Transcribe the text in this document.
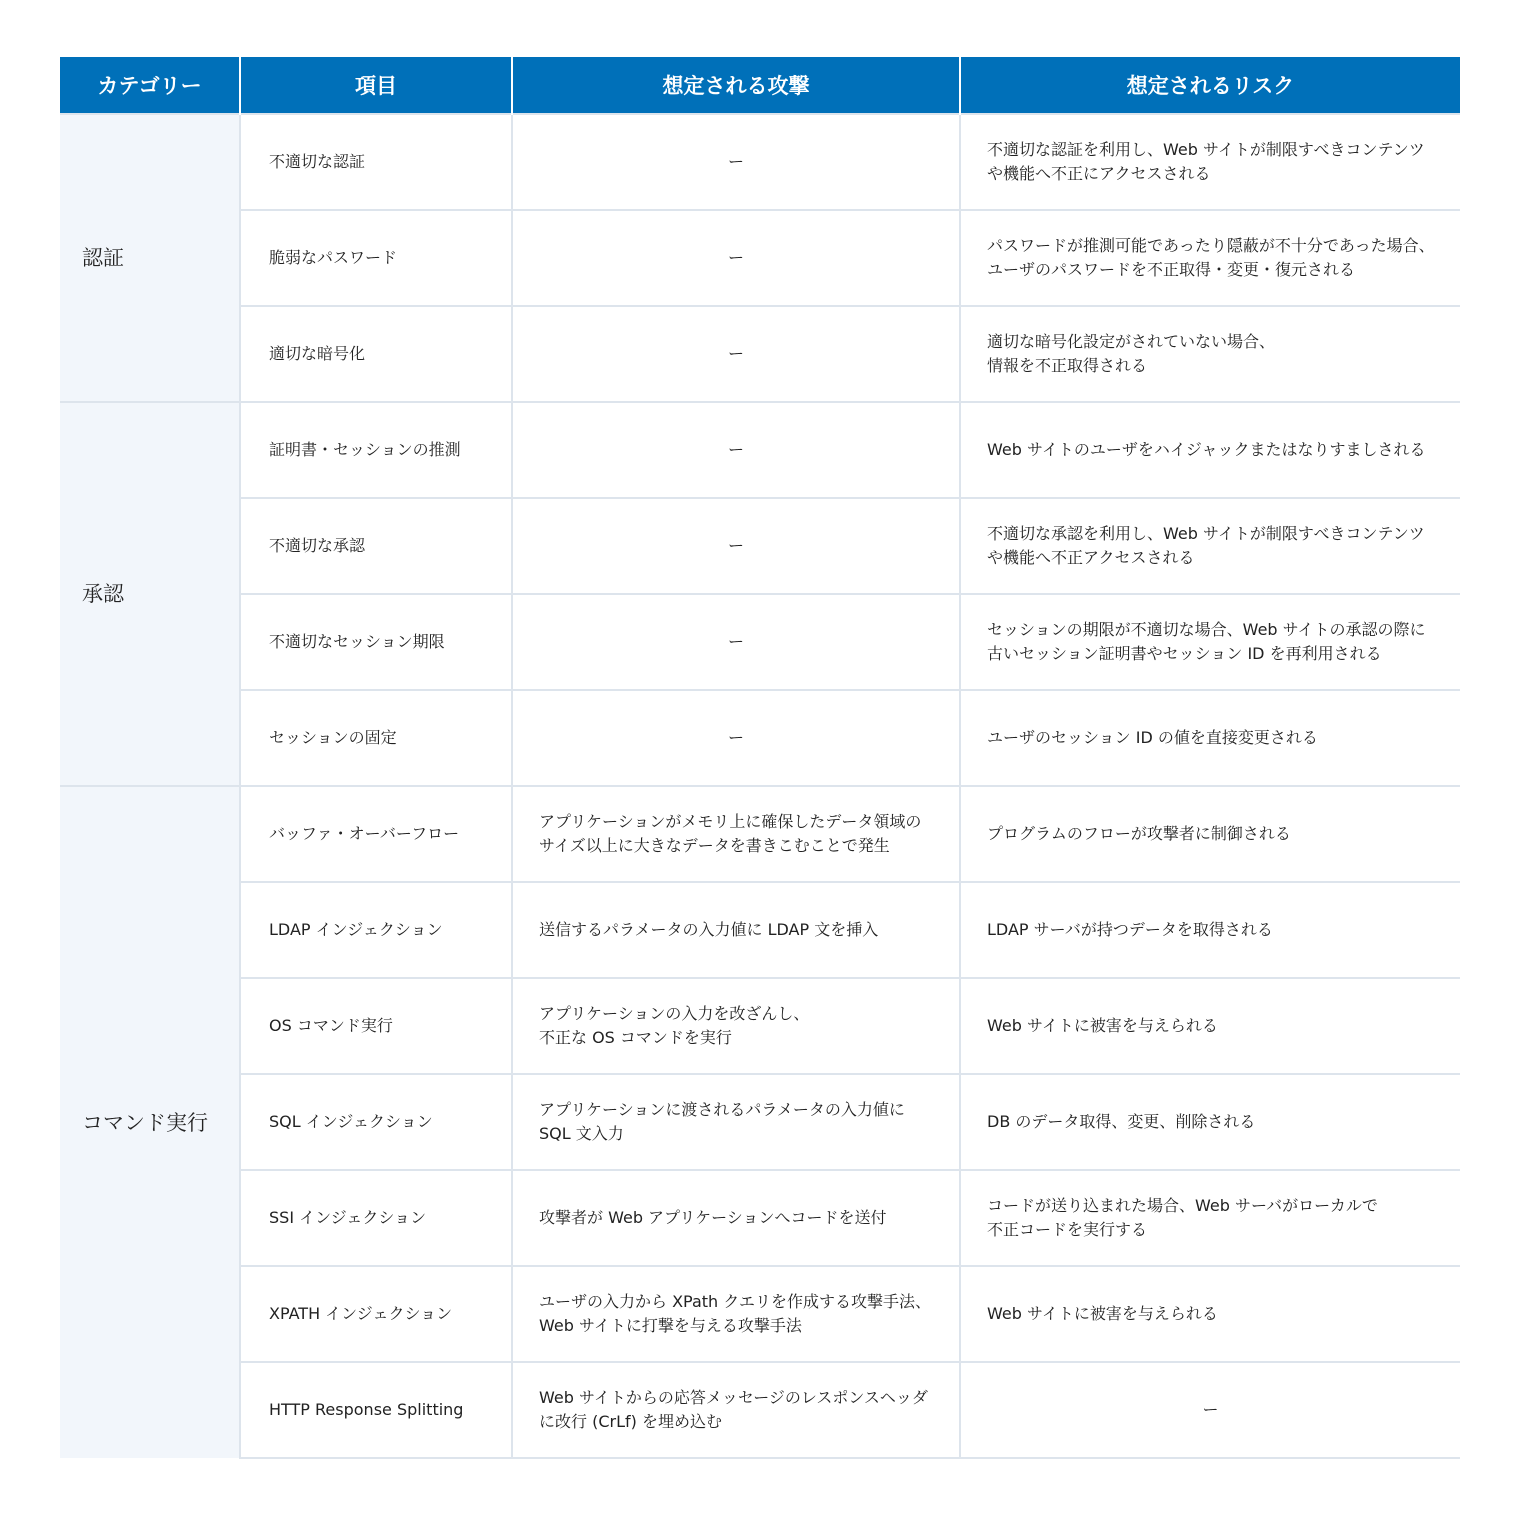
カテゴリー	項目	想定される攻撃	想定されるリスク
認証	不適切な認証	ー	不適切な認証を利用し、Web サイトが制限すべきコンテンツ
や機能へ不正にアクセスされる
	脆弱なパスワード	ー	パスワードが推測可能であったり隠蔽が不十分であった場合、
ユーザのパスワードを不正取得・変更・復元される
	適切な暗号化	ー	適切な暗号化設定がされていない場合、
情報を不正取得される
承認	証明書・セッションの推測	ー	Web サイトのユーザをハイジャックまたはなりすましされる
	不適切な承認	ー	不適切な承認を利用し、Web サイトが制限すべきコンテンツ
や機能へ不正アクセスされる
	不適切なセッション期限	ー	セッションの期限が不適切な場合、Web サイトの承認の際に
古いセッション証明書やセッション ID を再利用される
	セッションの固定	ー	ユーザのセッション ID の値を直接変更される
コマンド実行	バッファ・オーバーフロー	アプリケーションがメモリ上に確保したデータ領域の
サイズ以上に大きなデータを書きこむことで発生	プログラムのフローが攻撃者に制御される
	LDAP インジェクション	送信するパラメータの入力値に LDAP 文を挿入	LDAP サーバが持つデータを取得される
	OS コマンド実行	アプリケーションの入力を改ざんし、
不正な OS コマンドを実行	Web サイトに被害を与えられる
	SQL インジェクション	アプリケーションに渡されるパラメータの入力値に
SQL 文入力	DB のデータ取得、変更、削除される
	SSI インジェクション	攻撃者が Web アプリケーションへコードを送付	コードが送り込まれた場合、Web サーバがローカルで
不正コードを実行する
	XPATH インジェクション	ユーザの入力から XPath クエリを作成する攻撃手法、
Web サイトに打撃を与える攻撃手法	Web サイトに被害を与えられる
	HTTP Response Splitting	Web サイトからの応答メッセージのレスポンスヘッダ
に改行 (CrLf) を埋め込む	ー
